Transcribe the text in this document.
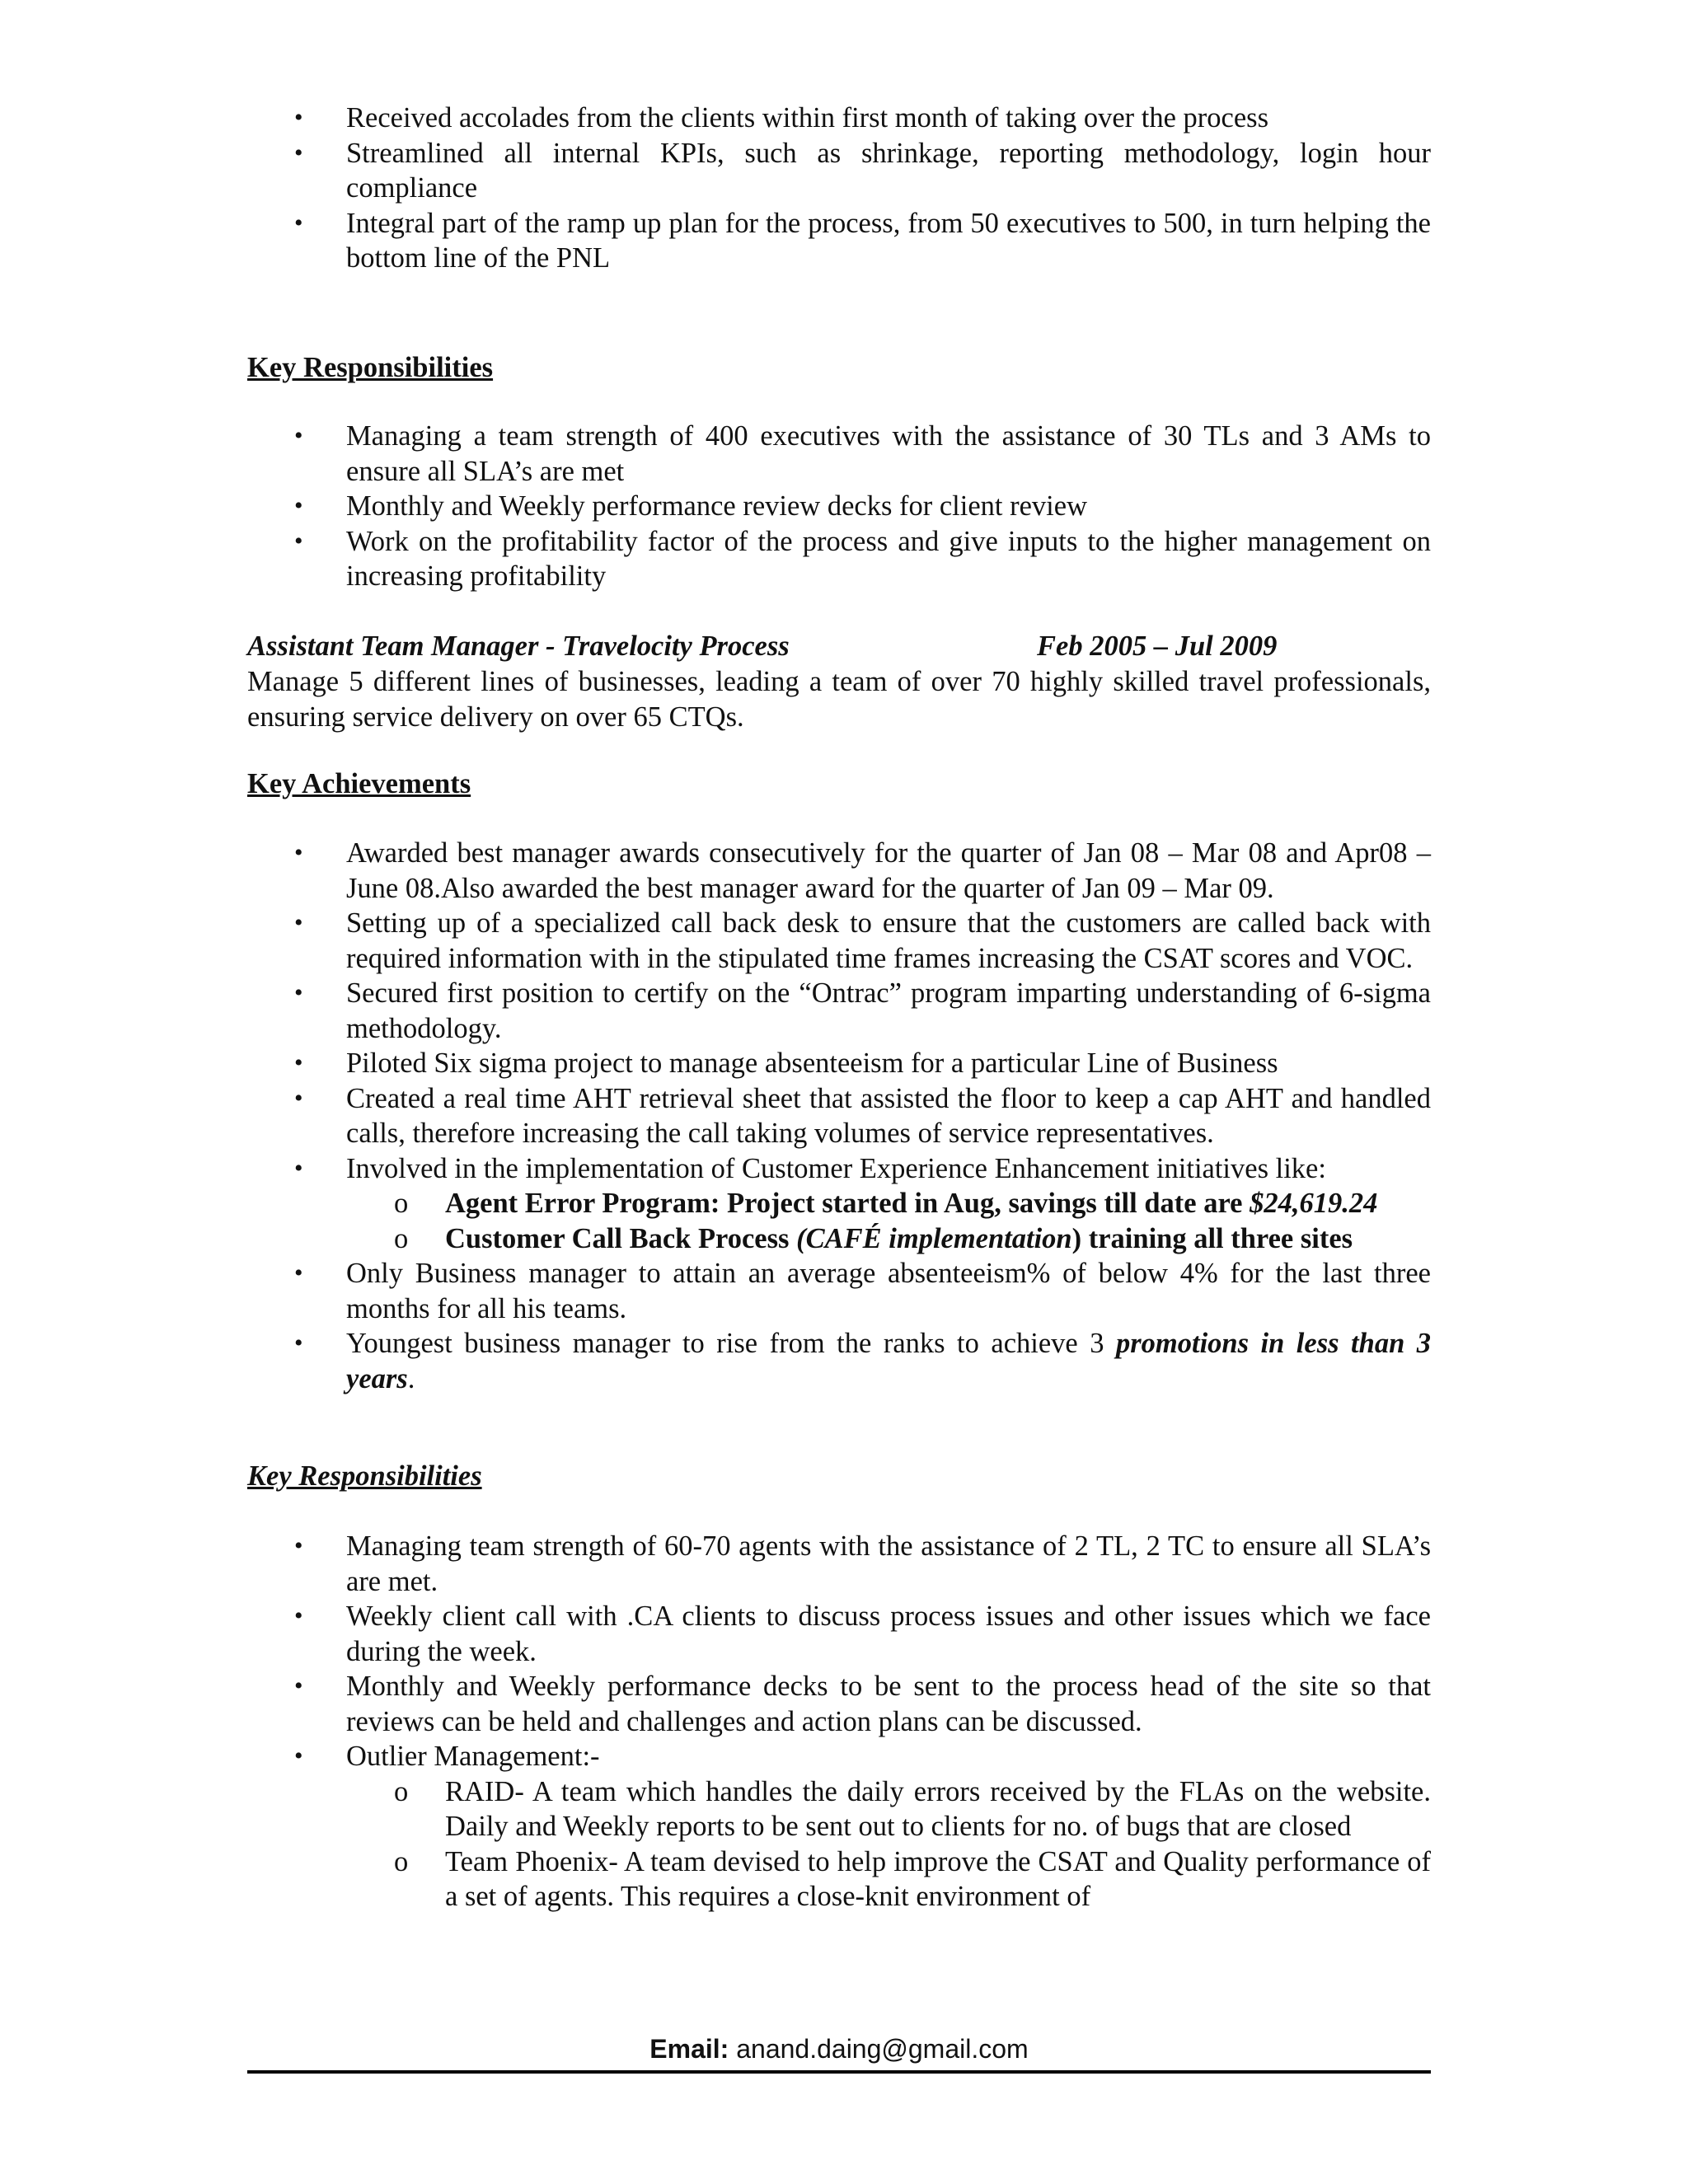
• Received accolades from the clients within first month of taking over the process
• Streamlined all internal KPIs, such as shrinkage, reporting methodology, login hour compliance
• Integral part of the ramp up plan for the process, from 50 executives to 500, in turn helping the bottom line of the PNL
Key Responsibilities
• Managing a team strength of 400 executives with the assistance of 30 TLs and 3 AMs to ensure all SLA’s are met
• Monthly and Weekly performance review decks for client review
• Work on the profitability factor of the process and give inputs to the higher management on increasing profitability
Assistant Team Manager - Travelocity Process	Feb 2005 – Jul 2009
Manage 5 different lines of businesses, leading a team of over 70 highly skilled travel professionals, ensuring service delivery on over 65 CTQs.
Key Achievements
• Awarded best manager awards consecutively for the quarter of Jan 08 – Mar 08 and Apr08 – June 08.Also awarded the best manager award for the quarter of Jan 09 – Mar 09.
• Setting up of a specialized call back desk to ensure that the customers are called back with required information with in the stipulated time frames increasing the CSAT scores and VOC.
• Secured first position to certify on the “Ontrac” program imparting understanding of 6-sigma methodology.
• Piloted Six sigma project to manage absenteeism for a particular Line of Business
• Created a real time AHT retrieval sheet that assisted the floor to keep a cap AHT and handled calls, therefore increasing the call taking volumes of service representatives.
• Involved in the implementation of Customer Experience Enhancement initiatives like:
o Agent Error Program: Project started in Aug, savings till date are $24,619.24
o Customer Call Back Process (CAFÉ implementation) training all three sites
• Only Business manager to attain an average absenteeism% of below 4% for the last three months for all his teams.
• Youngest business manager to rise from the ranks to achieve 3 promotions in less than 3 years.
Key Responsibilities
• Managing team strength of 60-70 agents with the assistance of 2 TL, 2 TC to ensure all SLA’s are met.
• Weekly client call with .CA clients to discuss process issues and other issues which we face during the week.
• Monthly and Weekly performance decks to be sent to the process head of the site so that reviews can be held and challenges and action plans can be discussed.
• Outlier Management:-
o RAID- A team which handles the daily errors received by the FLAs on the website. Daily and Weekly reports to be sent out to clients for no. of bugs that are closed
o Team Phoenix- A team devised to help improve the CSAT and Quality performance of a set of agents. This requires a close-knit environment of
Email: anand.daing@gmail.com
